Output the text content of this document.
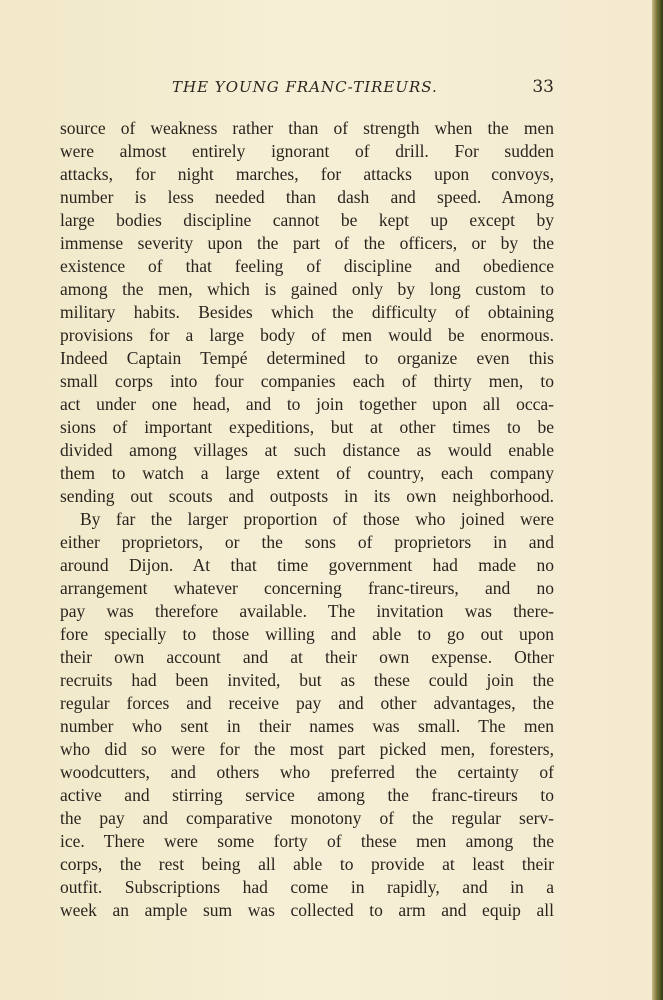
THE YOUNG FRANC-TIREURS.	33
source of weakness rather than of strength when the men
were almost entirely ignorant of drill. For sudden
attacks, for night marches, for attacks upon convoys,
number is less needed than dash and speed. Among
large bodies discipline cannot be kept up except by
immense severity upon the part of the officers, or by the
existence of that feeling of discipline and obedience
among the men, which is gained only by long custom to
military habits. Besides which the difficulty of obtaining
provisions for a large body of men would be enormous.
Indeed Captain Tempé determined to organize even this
small corps into four companies each of thirty men, to
act under one head, and to join together upon all occa-
sions of important expeditions, but at other times to be
divided among villages at such distance as would enable
them to watch a large extent of country, each company
sending out scouts and outposts in its own neighborhood.
By far the larger proportion of those who joined were
either proprietors, or the sons of proprietors in and
around Dijon. At that time government had made no
arrangement whatever concerning franc-tireurs, and no
pay was therefore available. The invitation was there-
fore specially to those willing and able to go out upon
their own account and at their own expense. Other
recruits had been invited, but as these could join the
regular forces and receive pay and other advantages, the
number who sent in their names was small. The men
who did so were for the most part picked men, foresters,
woodcutters, and others who preferred the certainty of
active and stirring service among the franc-tireurs to
the pay and comparative monotony of the regular serv-
ice. There were some forty of these men among the
corps, the rest being all able to provide at least their
outfit. Subscriptions had come in rapidly, and in a
week an ample sum was collected to arm and equip all
